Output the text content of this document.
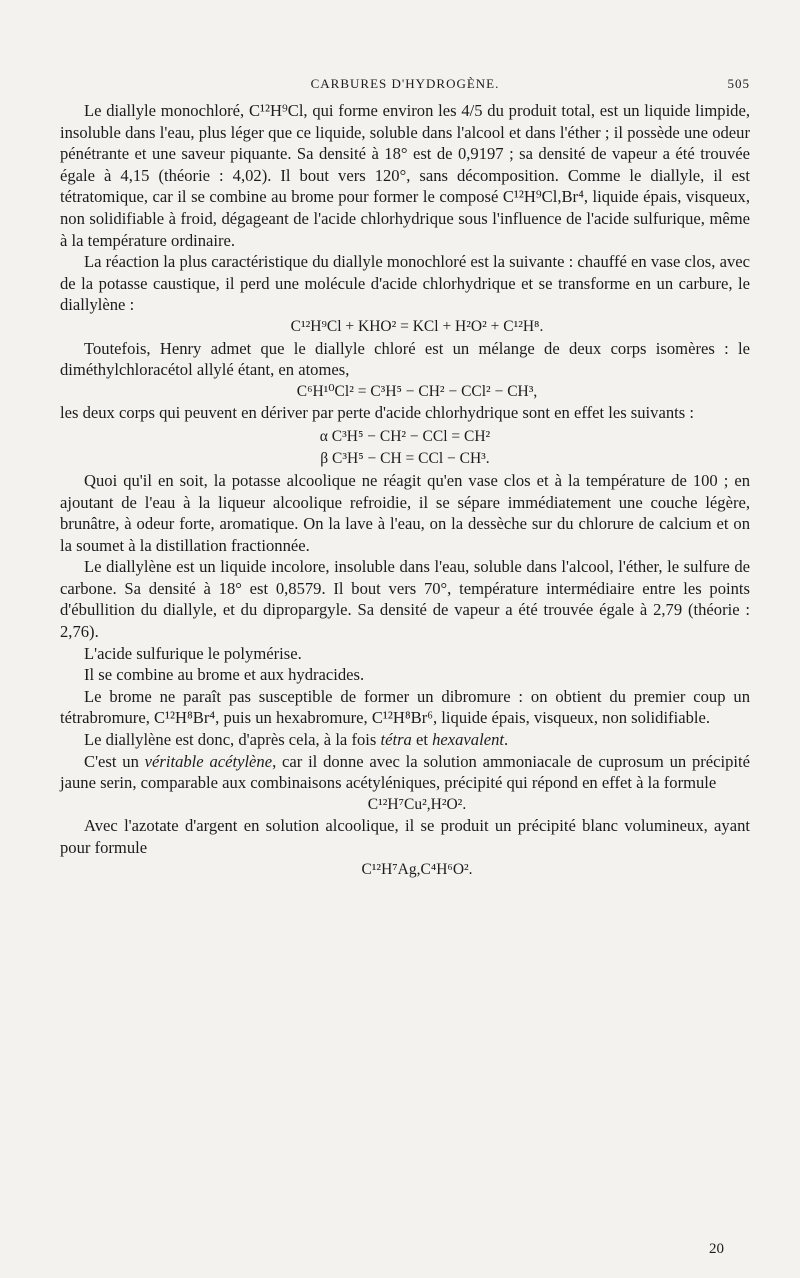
CARBURES D'HYDROGÈNE.	505

Le diallyle monochloré, C¹²H⁹Cl, qui forme environ les 4/5 du produit total, est un liquide limpide, insoluble dans l'eau, plus léger que ce liquide, soluble dans l'alcool et dans l'éther ; il possède une odeur pénétrante et une saveur piquante. Sa densité à 18° est de 0,9197 ; sa densité de vapeur a été trouvée égale à 4,15 (théorie : 4,02). Il bout vers 120°, sans décomposition. Comme le diallyle, il est tétratomique, car il se combine au brome pour former le composé C¹²H⁹Cl,Br⁴, liquide épais, visqueux, non solidifiable à froid, dégageant de l'acide chlorhydrique sous l'influence de l'acide sulfurique, même à la température ordinaire.

La réaction la plus caractéristique du diallyle monochloré est la suivante : chauffé en vase clos, avec de la potasse caustique, il perd une molécule d'acide chlorhydrique et se transforme en un carbure, le diallylène :

C¹²H⁹Cl + KHO² = KCl + H²O² + C¹²H⁸.

Toutefois, Henry admet que le diallyle chloré est un mélange de deux corps isomères : le diméthylchloracétol allylé étant, en atomes,

C⁶H¹⁰Cl² = C³H⁵ − CH² − CCl² − CH³,

les deux corps qui peuvent en dériver par perte d'acide chlorhydrique sont en effet les suivants :

α C³H⁵ − CH² − CCl = CH²
β C³H⁵ − CH = CCl − CH³.

Quoi qu'il en soit, la potasse alcoolique ne réagit qu'en vase clos et à la température de 100 ; en ajoutant de l'eau à la liqueur alcoolique refroidie, il se sépare immédiatement une couche légère, brunâtre, à odeur forte, aromatique. On la lave à l'eau, on la dessèche sur du chlorure de calcium et on la soumet à la distillation fractionnée.

Le diallylène est un liquide incolore, insoluble dans l'eau, soluble dans l'alcool, l'éther, le sulfure de carbone. Sa densité à 18° est 0,8579. Il bout vers 70°, température intermédiaire entre les points d'ébullition du diallyle, et du dipropargyle. Sa densité de vapeur a été trouvée égale à 2,79 (théorie : 2,76).

L'acide sulfurique le polymérise.

Il se combine au brome et aux hydracides.

Le brome ne paraît pas susceptible de former un dibromure : on obtient du premier coup un tétrabromure, C¹²H⁸Br⁴, puis un hexabromure, C¹²H⁸Br⁶, liquide épais, visqueux, non solidifiable.

Le diallylène est donc, d'après cela, à la fois tétra et hexavalent.

C'est un véritable acétylène, car il donne avec la solution ammoniacale de cuprosum un précipité jaune serin, comparable aux combinaisons acétyléniques, précipité qui répond en effet à la formule

C¹²H⁷Cu²,H²O².

Avec l'azotate d'argent en solution alcoolique, il se produit un précipité blanc volumineux, ayant pour formule

C¹²H⁷Ag,C⁴H⁶O².

20
